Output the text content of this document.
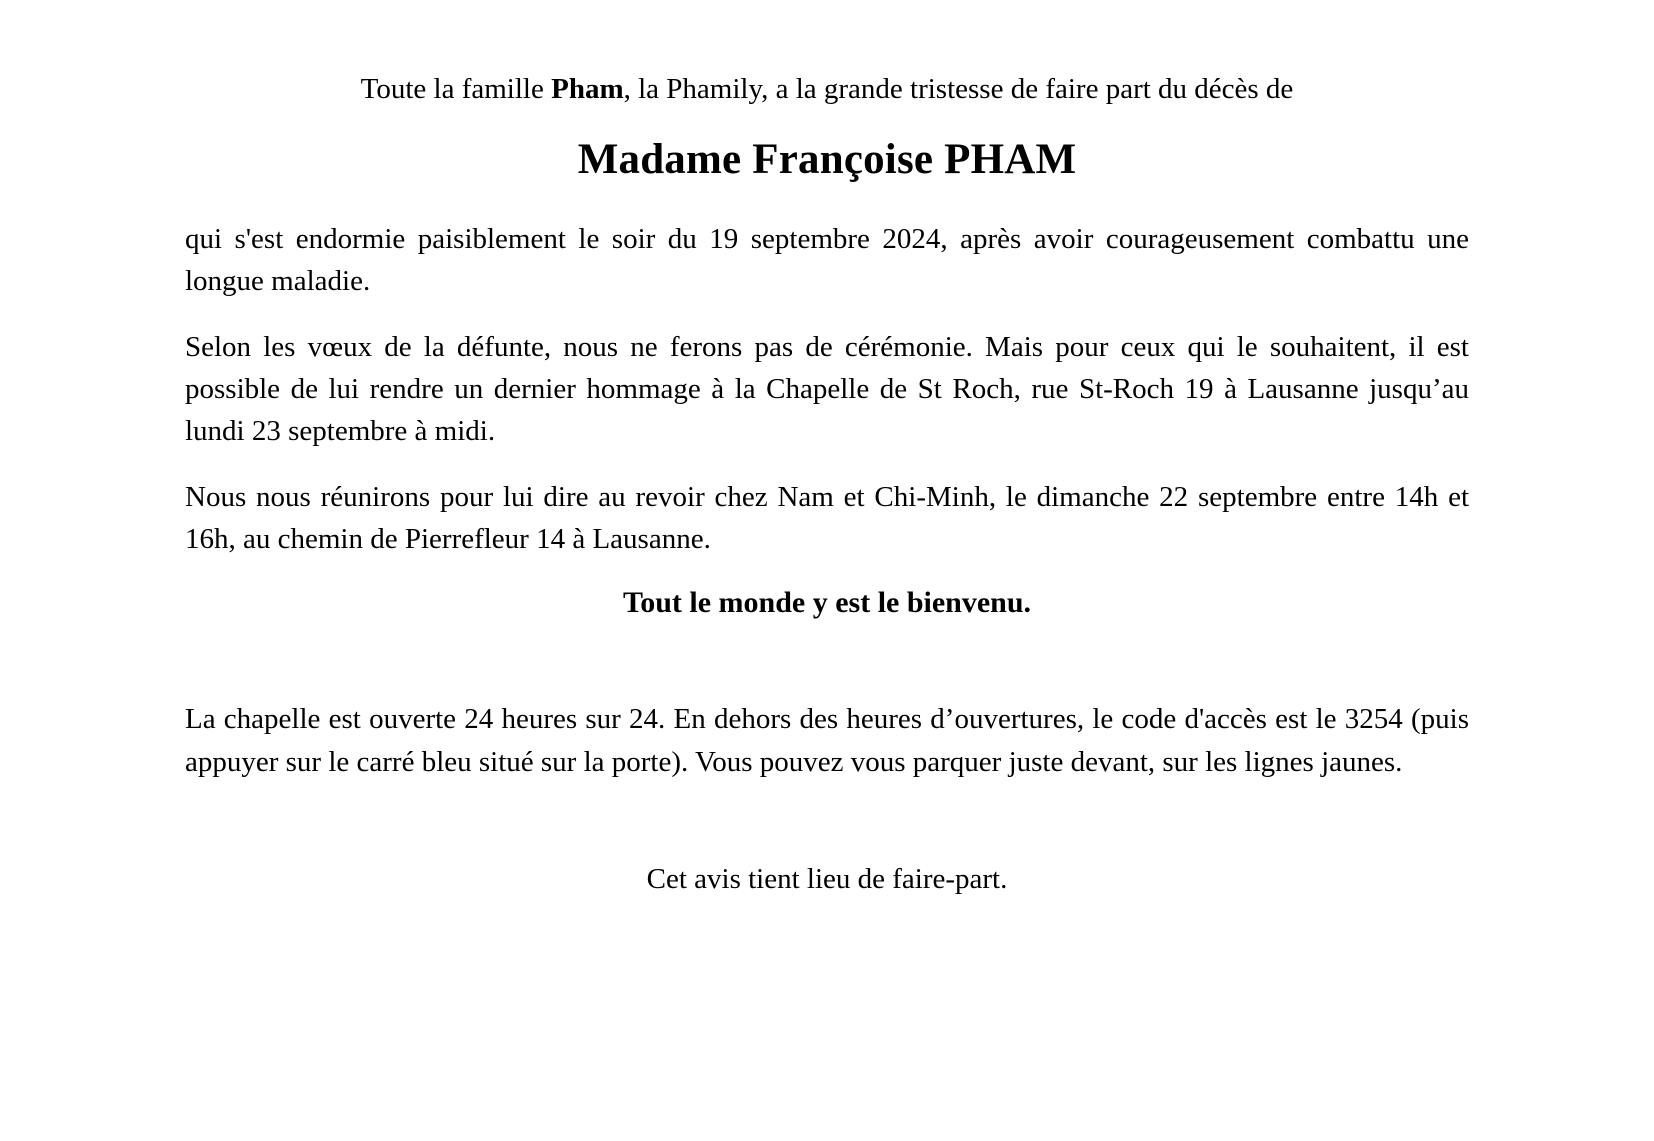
Toute la famille Pham, la Phamily, a la grande tristesse de faire part du décès de

Madame Françoise PHAM

qui s'est endormie paisiblement le soir du 19 septembre 2024, après avoir courageusement combattu une longue maladie.

Selon les vœux de la défunte, nous ne ferons pas de cérémonie. Mais pour ceux qui le souhaitent, il est possible de lui rendre un dernier hommage à la Chapelle de St Roch, rue St-Roch 19 à Lausanne jusqu’au lundi 23 septembre à midi.

Nous nous réunirons pour lui dire au revoir chez Nam et Chi-Minh, le dimanche 22 septembre entre 14h et 16h, au chemin de Pierrefleur 14 à Lausanne.

Tout le monde y est le bienvenu.

La chapelle est ouverte 24 heures sur 24. En dehors des heures d’ouvertures, le code d'accès est le 3254 (puis appuyer sur le carré bleu situé sur la porte). Vous pouvez vous parquer juste devant, sur les lignes jaunes.

Cet avis tient lieu de faire-part.
